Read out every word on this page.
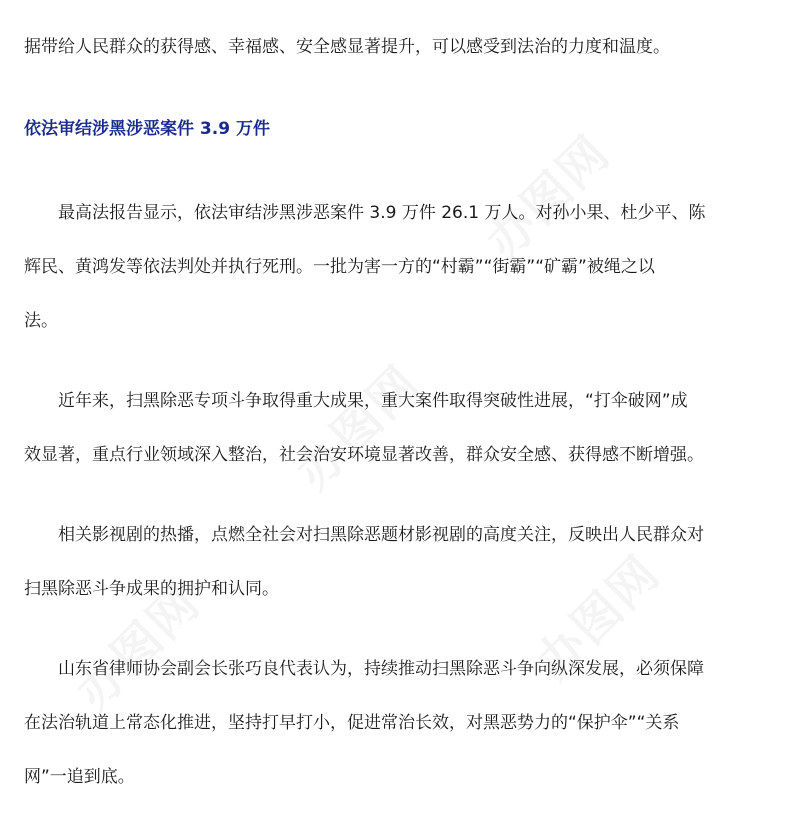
据带给人民群众的获得感、幸福感、安全感显著提升，可以感受到法治的力度和温度。

依法审结涉黑涉恶案件 3.9 万件

最高法报告显示，依法审结涉黑涉恶案件 3.9 万件 26.1 万人。对孙小果、杜少平、陈

辉民、黄鸿发等依法判处并执行死刑。一批为害一方的“村霸”“街霸”“矿霸”被绳之以

法。

近年来，扫黑除恶专项斗争取得重大成果，重大案件取得突破性进展，“打伞破网”成

效显著，重点行业领域深入整治，社会治安环境显著改善，群众安全感、获得感不断增强。

相关影视剧的热播，点燃全社会对扫黑除恶题材影视剧的高度关注，反映出人民群众对

扫黑除恶斗争成果的拥护和认同。

山东省律师协会副会长张巧良代表认为，持续推动扫黑除恶斗争向纵深发展，必须保障

在法治轨道上常态化推进，坚持打早打小，促进常治长效，对黑恶势力的“保护伞”“关系

网”一追到底。
